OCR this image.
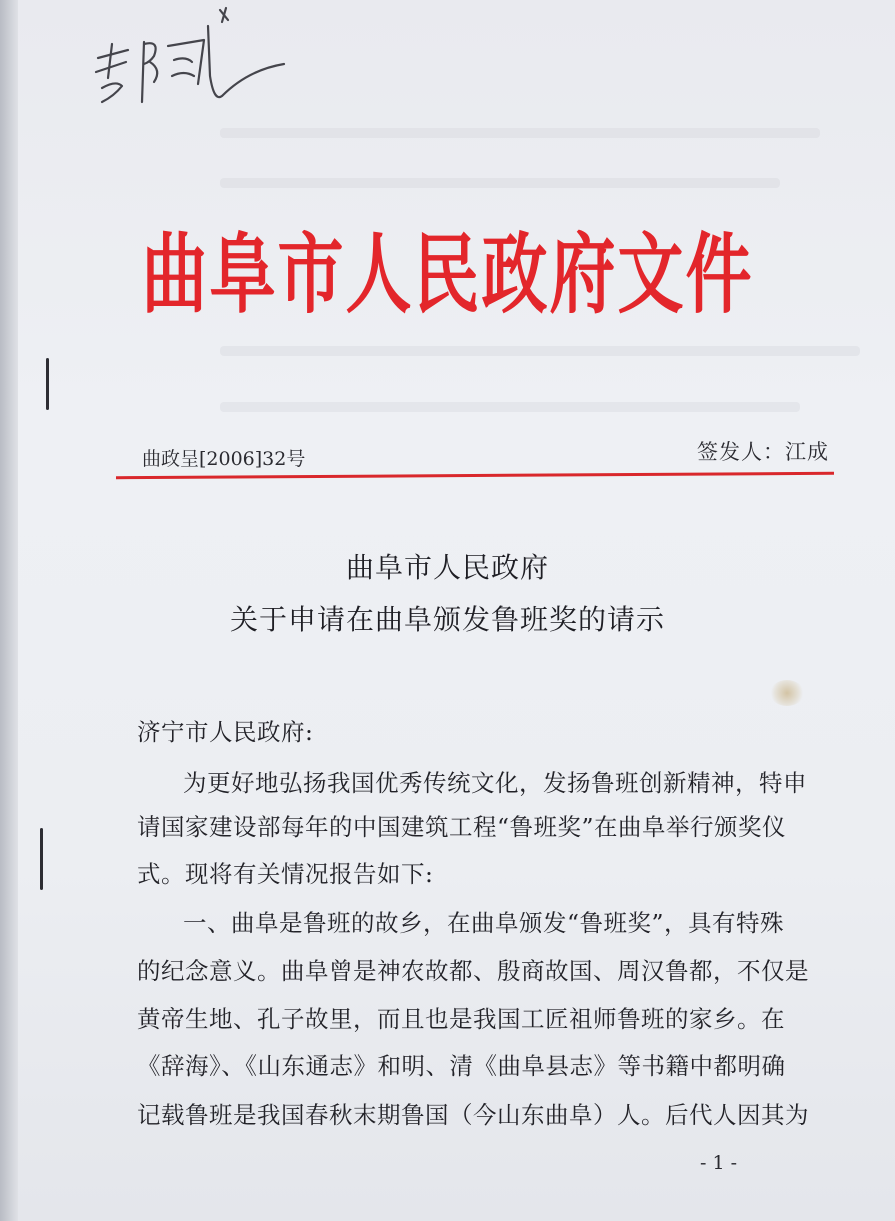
曲阜市人民政府文件
曲政呈[2006]32号	签发人：江成
曲阜市人民政府
关于申请在曲阜颁发鲁班奖的请示
济宁市人民政府:
为更好地弘扬我国优秀传统文化，发扬鲁班创新精神，特申
请国家建设部每年的中国建筑工程“鲁班奖”在曲阜举行颁奖仪
式。现将有关情况报告如下:
一、曲阜是鲁班的故乡，在曲阜颁发“鲁班奖”，具有特殊
的纪念意义。曲阜曾是神农故都、殷商故国、周汉鲁都，不仅是
黄帝生地、孔子故里，而且也是我国工匠祖师鲁班的家乡。在
《辞海》、《山东通志》和明、清《曲阜县志》等书籍中都明确
记载鲁班是我国春秋末期鲁国（今山东曲阜）人。后代人因其为
- 1 -
